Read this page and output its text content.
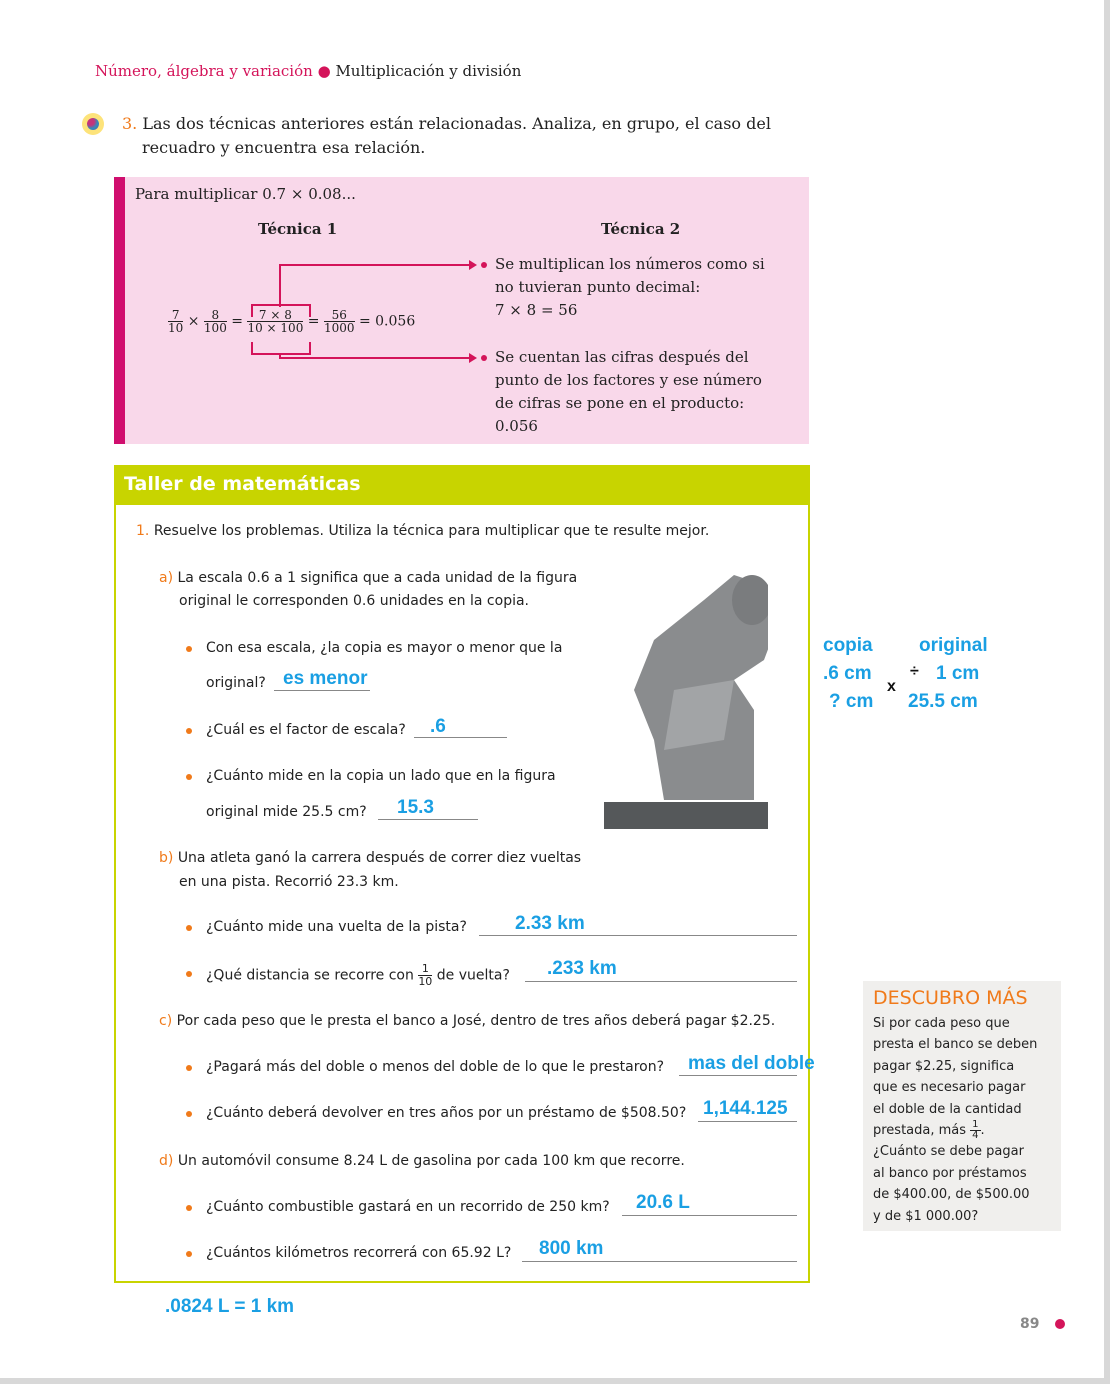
Número, álgebra y variación ● Multiplicación y división
3. Las dos técnicas anteriores están relacionadas. Analiza, en grupo, el caso del
recuadro y encuentra esa relación.
Para multiplicar 0.7 × 0.08...
Técnica 1	Técnica 2
$\frac{7}{10} \times \frac{8}{100} = \frac{7 \times 8}{10 \times 100} = \frac{56}{1000} = 0.056$
Se multiplican los números como si
no tuvieran punto decimal:
7 × 8 = 56
Se cuentan las cifras después del
punto de los factores y ese número
de cifras se pone en el producto:
0.056
Taller de matemáticas
1. Resuelve los problemas. Utiliza la técnica para multiplicar que te resulte mejor.
a) La escala 0.6 a 1 significa que a cada unidad de la figura
original le corresponden 0.6 unidades en la copia.
Con esa escala, ¿la copia es mayor o menor que la
original? es menor
¿Cuál es el factor de escala? .6
¿Cuánto mide en la copia un lado que en la figura
original mide 25.5 cm? 15.3
b) Una atleta ganó la carrera después de correr diez vueltas
en una pista. Recorrió 23.3 km.
¿Cuánto mide una vuelta de la pista?	2.33 km
¿Qué distancia se recorre con $\frac{1}{10}$ de vuelta? .233 km
c) Por cada peso que le presta el banco a José, dentro de tres años deberá pagar $2.25.
¿Pagará más del doble o menos del doble de lo que le prestaron? mas del doble
¿Cuánto deberá devolver en tres años por un préstamo de $508.50? 1,144.125
d) Un automóvil consume 8.24 L de gasolina por cada 100 km que recorre.
¿Cuánto combustible gastará en un recorrido de 250 km? 20.6 L
¿Cuántos kilómetros recorrerá con 65.92 L? 800 km
copia original
.6 cm ÷ 1 cm
? cm
x
25.5 cm
.0824 L = 1 km
DESCUBRO MÁS
Si por cada peso que
presta el banco se deben
pagar $2.25, significa
que es necesario pagar
el doble de la cantidad
prestada, más $\frac{1}{4}$ .
¿Cuánto se debe pagar
al banco por préstamos
de $400.00, de $500.00
y de $1 000.00?
89
